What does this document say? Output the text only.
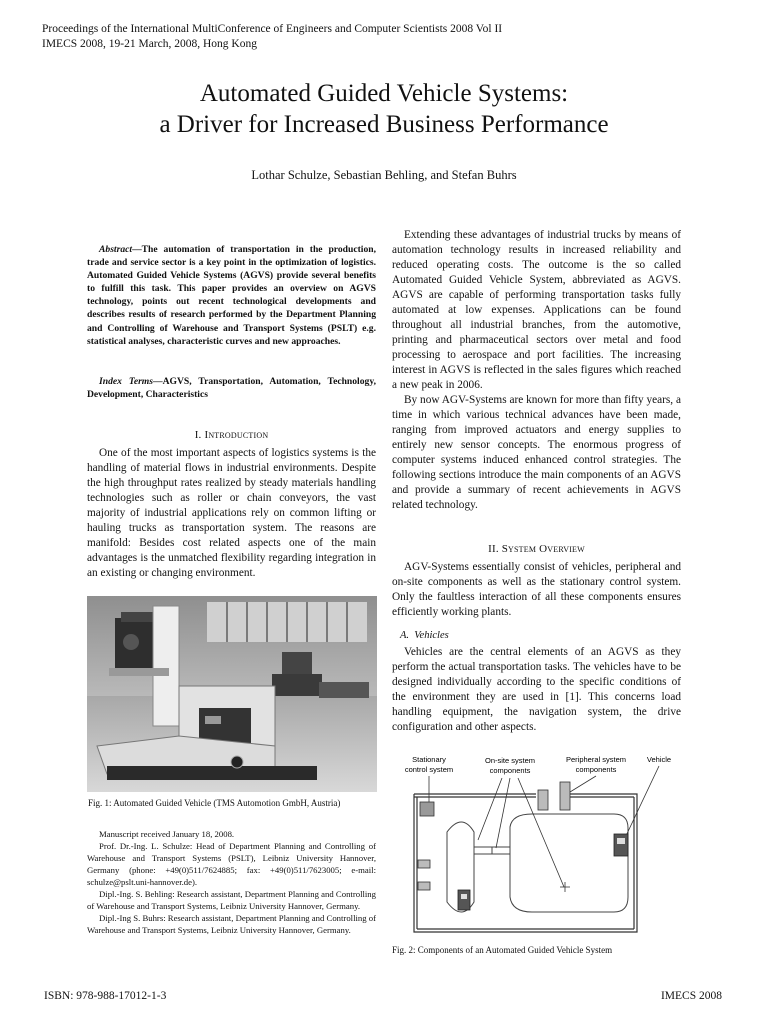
Proceedings of the International MultiConference of Engineers and Computer Scientists 2008 Vol II
IMECS 2008, 19-21 March, 2008, Hong Kong
Automated Guided Vehicle Systems:
a Driver for Increased Business Performance
Lothar Schulze, Sebastian Behling, and Stefan Buhrs
Abstract—The automation of transportation in the production, trade and service sector is a key point in the optimization of logistics. Automated Guided Vehicle Systems (AGVS) provide several benefits to fulfill this task. This paper provides an overview on AGVS technology, points out recent technological developments and describes results of research performed by the Department Planning and Controlling of Warehouse and Transport Systems (PSLT) e.g. statistical analyses, characteristic curves and new approaches.
Index Terms—AGVS, Transportation, Automation, Technology, Development, Characteristics
I. Introduction

One of the most important aspects of logistics systems is the handling of material flows in industrial environments. Despite the high throughput rates realized by steady materials handling technologies such as roller or chain conveyors, the vast majority of industrial applications rely on common lifting or hauling trucks as transportation system. The reasons are manifold: Besides cost related aspects one of the main advantages is the unmatched flexibility regarding integration in an existing or changing environment.

Fig. 1: Automated Guided Vehicle (TMS Automotion GmbH, Austria)

Manuscript received January 18, 2008.

Prof. Dr.-Ing. L. Schulze: Head of Department Planning and Controlling of Warehouse and Transport Systems (PSLT), Leibniz University Hannover, Germany (phone: +49(0)511/7624885; fax: +49(0)511/7623005; e-mail: schulze@pslt.uni-hannover.de).

Dipl.-Ing. S. Behling: Research assistant, Department Planning and Controlling of Warehouse and Transport Systems, Leibniz University Hannover, Germany.

Dipl.-Ing S. Buhrs: Research assistant, Department Planning and Controlling of Warehouse and Transport Systems, Leibniz University Hannover, Germany.

Extending these advantages of industrial trucks by means of automation technology results in increased reliability and reduced operating costs. The outcome is the so called Automated Guided Vehicle System, abbreviated as AGVS. AGVS are capable of performing transportation tasks fully automated at low expenses. Applications can be found throughout all industrial branches, from the automotive, printing and pharmaceutical sectors over metal and food processing to aerospace and port facilities. The increasing interest in AGVS is reflected in the sales figures which reached a new peak in 2006.

By now AGV-Systems are known for more than fifty years, a time in which various technical advances have been made, ranging from improved actuators and energy supplies to entirely new sensor concepts. The enormous progress of computer systems induced enhanced control strategies. The following sections introduce the main components of an AGVS and provide a summary of recent achievements in AGVS related technology.

II. System Overview

AGV-Systems essentially consist of vehicles, peripheral and on-site components as well as the stationary control system. Only the faultless interaction of all these components ensures efficiently working plants.

A. Vehicles

Vehicles are the central elements of an AGVS as they perform the actual transportation tasks. The vehicles have to be designed individually according to the specific conditions of the environment they are used in [1]. This concerns load handling equipment, the navigation system, the drive configuration and other aspects.

Stationary
control system
On-site system
components
Peripheral system
components
Vehicle
Fig. 2: Components of an Automated Guided Vehicle System
ISBN: 978-988-17012-1-3	IMECS 2008
